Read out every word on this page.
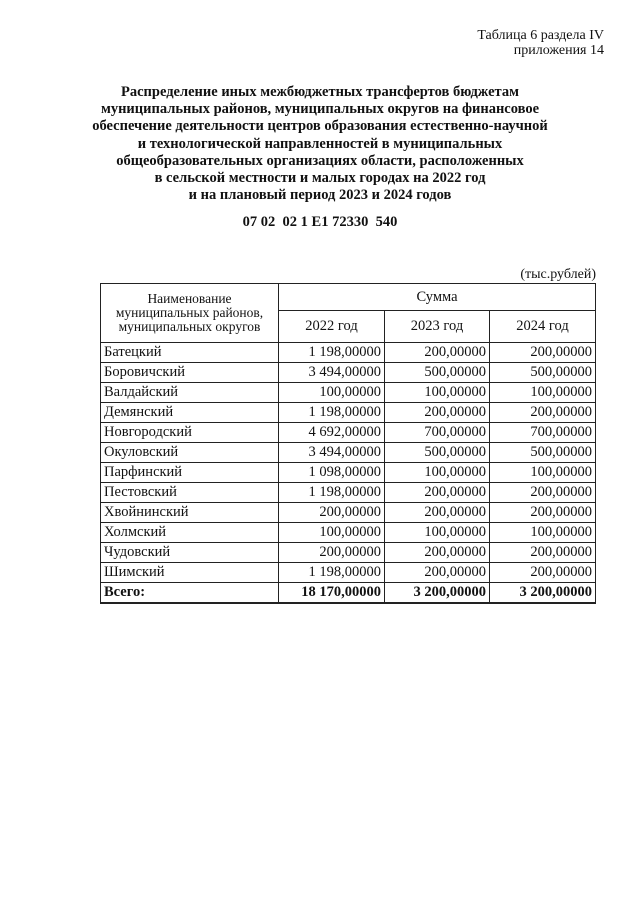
Таблица 6 раздела IV
приложения 14
Распределение иных межбюджетных трансфертов бюджетам
муниципальных районов, муниципальных округов на финансовое
обеспечение деятельности центров образования естественно-научной
и технологической направленностей в муниципальных
общеобразовательных организациях области, расположенных
в сельской местности и малых городах на 2022 год
и на плановый период 2023 и 2024 годов
07 02  02 1 Е1 72330  540
(тыс.рублей)
Наименование муниципальных районов, муниципальных округов	Сумма		
	2022 год	2023 год	2024 год
Батецкий	1 198,00000	200,00000	200,00000
Боровичский	3 494,00000	500,00000	500,00000
Валдайский	100,00000	100,00000	100,00000
Демянский	1 198,00000	200,00000	200,00000
Новгородский	4 692,00000	700,00000	700,00000
Окуловский	3 494,00000	500,00000	500,00000
Парфинский	1 098,00000	100,00000	100,00000
Пестовский	1 198,00000	200,00000	200,00000
Хвойнинский	200,00000	200,00000	200,00000
Холмский	100,00000	100,00000	100,00000
Чудовский	200,00000	200,00000	200,00000
Шимский	1 198,00000	200,00000	200,00000
Всего:	18 170,00000	3 200,00000	3 200,00000
